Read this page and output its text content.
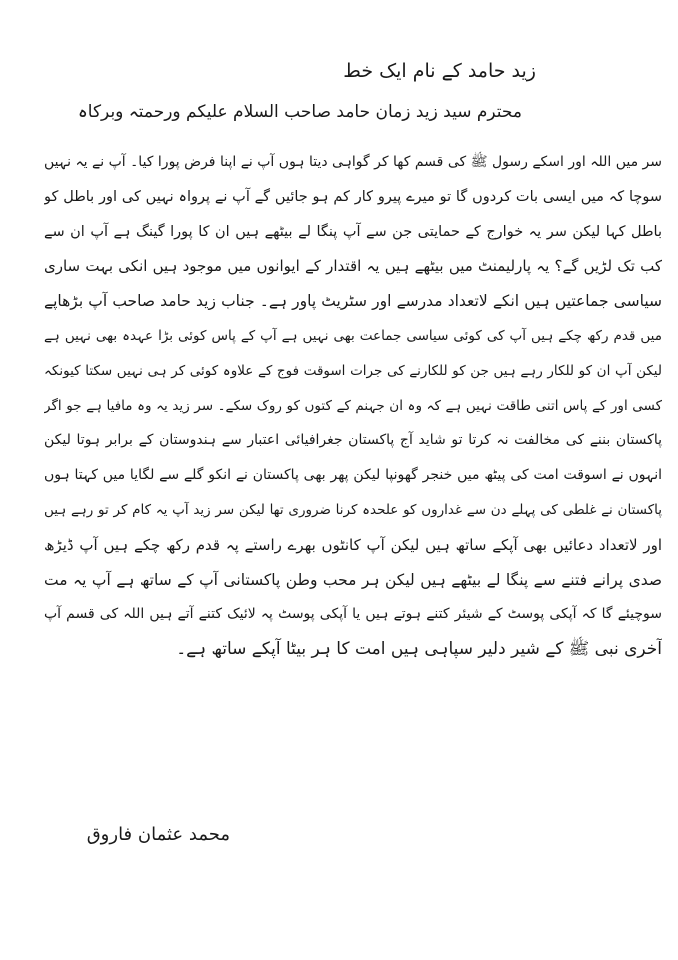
زید حامد کے نام ایک خط
محترم سید زید زمان حامد صاحب السلام علیکم ورحمتہ وبرکاہ
سر میں اللہ اور اسکے رسول ﷺ کی قسم کھا کر گواہی دیتا ہوں آپ نے اپنا فرض پورا کیا۔ آپ نے یہ نہیں
سوچا کہ میں ایسی بات کردوں گا تو میرے پیرو کار کم ہو جائیں گے آپ نے پرواہ نہیں کی اور باطل کو
باطل کہا لیکن سر یہ خوارج کے حمایتی جن سے آپ پنگا لے بیٹھے ہیں ان کا پورا گینگ ہے آپ ان سے
کب تک لڑیں گے؟ یہ پارلیمنٹ میں بیٹھے ہیں یہ اقتدار کے ایوانوں میں موجود ہیں انکی بہت ساری
سیاسی جماعتیں ہیں انکے لاتعداد مدرسے اور سٹریٹ پاور ہے۔ جناب زید حامد صاحب آپ بڑھاپے
میں قدم رکھ چکے ہیں آپ کی کوئی سیاسی جماعت بھی نہیں ہے آپ کے پاس کوئی بڑا عہدہ بھی نہیں ہے
لیکن آپ ان کو للکار رہے ہیں جن کو للکارنے کی جرات اسوقت فوج کے علاوہ کوئی کر ہی نہیں سکتا کیونکہ
کسی اور کے پاس اتنی طاقت نہیں ہے کہ وہ ان جہنم کے کتوں کو روک سکے۔ سر زید یہ وہ مافیا ہے جو اگر
پاکستان بننے کی مخالفت نہ کرتا تو شاید آج پاکستان جغرافیائی اعتبار سے ہندوستان کے برابر ہوتا لیکن
انہوں نے اسوقت امت کی پیٹھ میں خنجر گھونپا لیکن پھر بھی پاکستان نے انکو گلے سے لگایا میں کہتا ہوں
پاکستان نے غلطی کی پہلے دن سے غداروں کو علحدہ کرنا ضروری تھا لیکن سر زید آپ یہ کام کر تو رہے ہیں
اور لاتعداد دعائیں بھی آپکے ساتھ ہیں لیکن آپ کانٹوں بھرے راستے پہ قدم رکھ چکے ہیں آپ ڈیڑھ
صدی پرانے فتنے سے پنگا لے بیٹھے ہیں لیکن ہر محب وطن پاکستانی آپ کے ساتھ ہے آپ یہ مت
سوچیئے گا کہ آپکی پوسٹ کے شیئر کتنے ہوتے ہیں یا آپکی پوسٹ پہ لائیک کتنے آتے ہیں اللہ کی قسم آپ
آخری نبی ﷺ کے شیر دلیر سپاہی ہیں امت کا ہر بیٹا آپکے ساتھ ہے۔
محمد عثمان فاروق
